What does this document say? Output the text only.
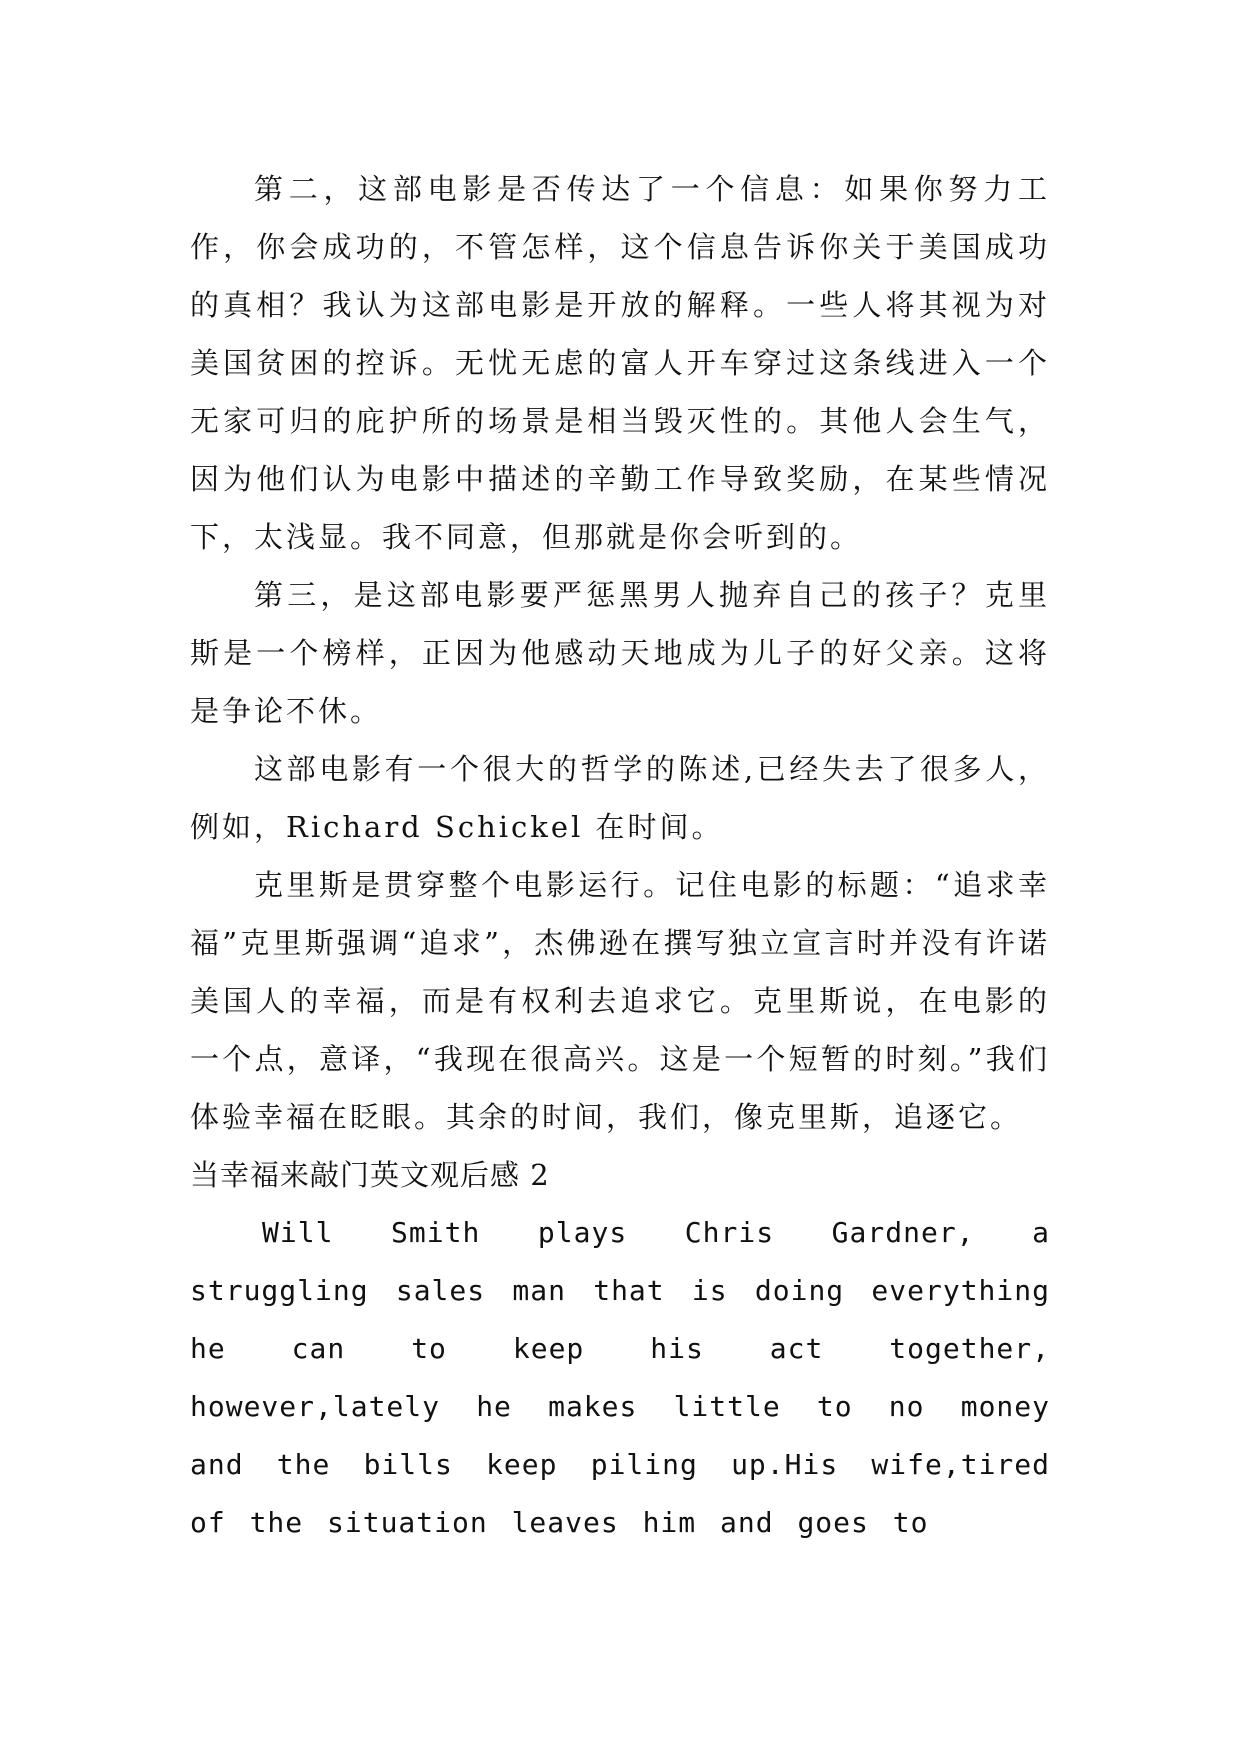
第二，这部电影是否传达了一个信息：如果你努力工作，你会成功的，不管怎样，这个信息告诉你关于美国成功的真相？我认为这部电影是开放的解释。一些人将其视为对美国贫困的控诉。无忧无虑的富人开车穿过这条线进入一个无家可归的庇护所的场景是相当毁灭性的。其他人会生气，因为他们认为电影中描述的辛勤工作导致奖励，在某些情况下，太浅显。我不同意，但那就是你会听到的。

第三，是这部电影要严惩黑男人抛弃自己的孩子？克里斯是一个榜样，正因为他感动天地成为儿子的好父亲。这将是争论不休。

这部电影有一个很大的哲学的陈述,已经失去了很多人，例如，Richard Schickel 在时间。

克里斯是贯穿整个电影运行。记住电影的标题：“追求幸福”克里斯强调“追求”，杰佛逊在撰写独立宣言时并没有许诺美国人的幸福，而是有权利去追求它。克里斯说，在电影的一个点，意译，“我现在很高兴。这是一个短暂的时刻。”我们体验幸福在眨眼。其余的时间，我们，像克里斯，追逐它。

当幸福来敲门英文观后感 2

Will Smith plays Chris Gardner, a struggling sales man that is doing everything he can to keep his act together, however,lately he makes little to no money and the bills keep piling up.His wife,tired of the situation leaves him and goes to
